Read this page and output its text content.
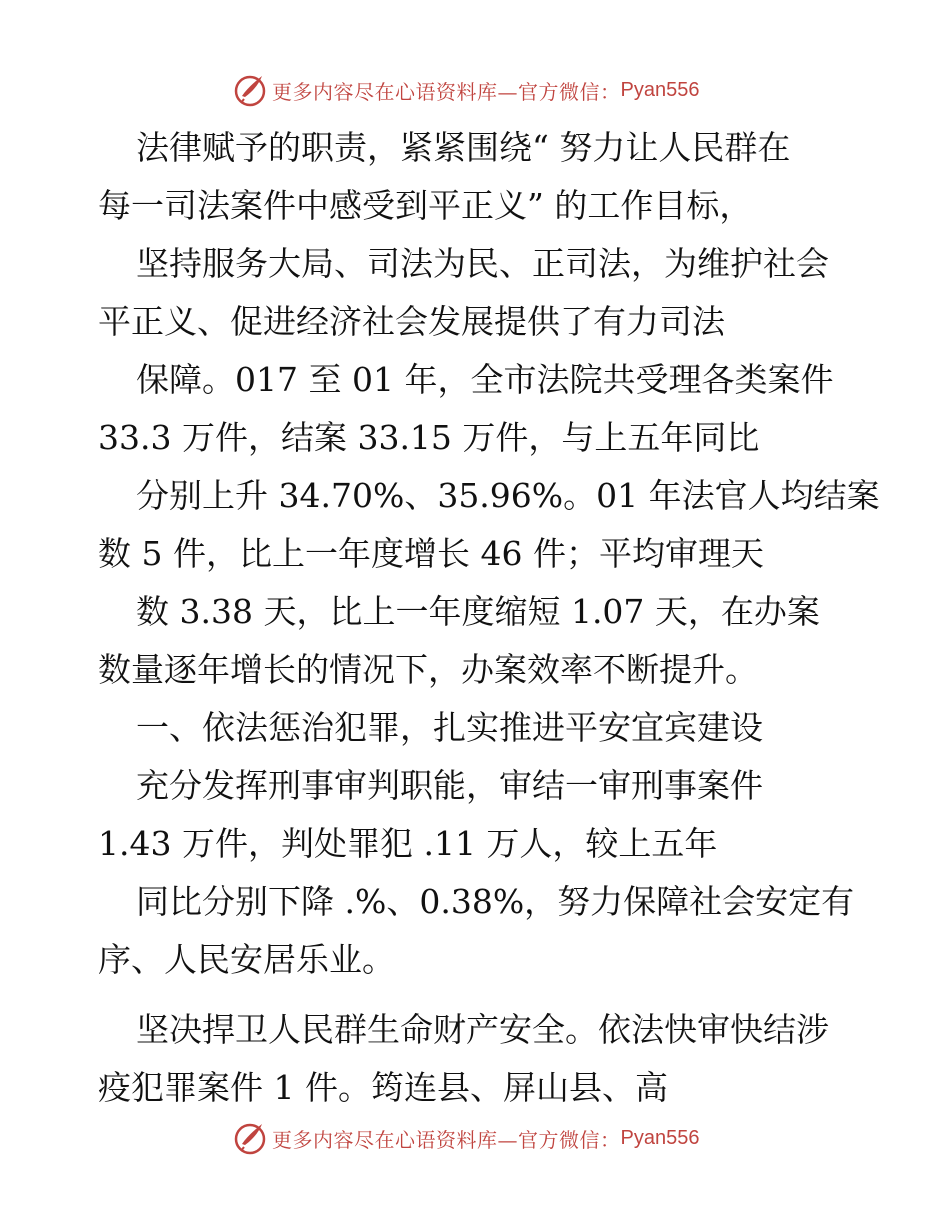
更多内容尽在心语资料库—官方微信： Pyan556
法律赋予的职责，紧紧围绕“ 努力让人民群在
每一司法案件中感受到平正义” 的工作目标，
坚持服务大局、司法为民、正司法，为维护社会
平正义、促进经济社会发展提供了有力司法
保障。017 至 01 年，全市法院共受理各类案件
33.3 万件，结案 33.15 万件，与上五年同比
分别上升 34.70%、35.96%。01 年法官人均结案
数 5 件，比上一年度增长 46 件；平均审理天
数 3.38 天，比上一年度缩短 1.07 天，在办案
数量逐年增长的情况下，办案效率不断提升。
一、依法惩治犯罪，扎实推进平安宜宾建设
充分发挥刑事审判职能，审结一审刑事案件
1.43 万件，判处罪犯 .11 万人，较上五年
同比分别下降 .%、0.38%，努力保障社会安定有
序、人民安居乐业。
坚决捍卫人民群生命财产安全。依法快审快结涉
疫犯罪案件 1 件。筠连县、屏山县、高
更多内容尽在心语资料库—官方微信： Pyan556
